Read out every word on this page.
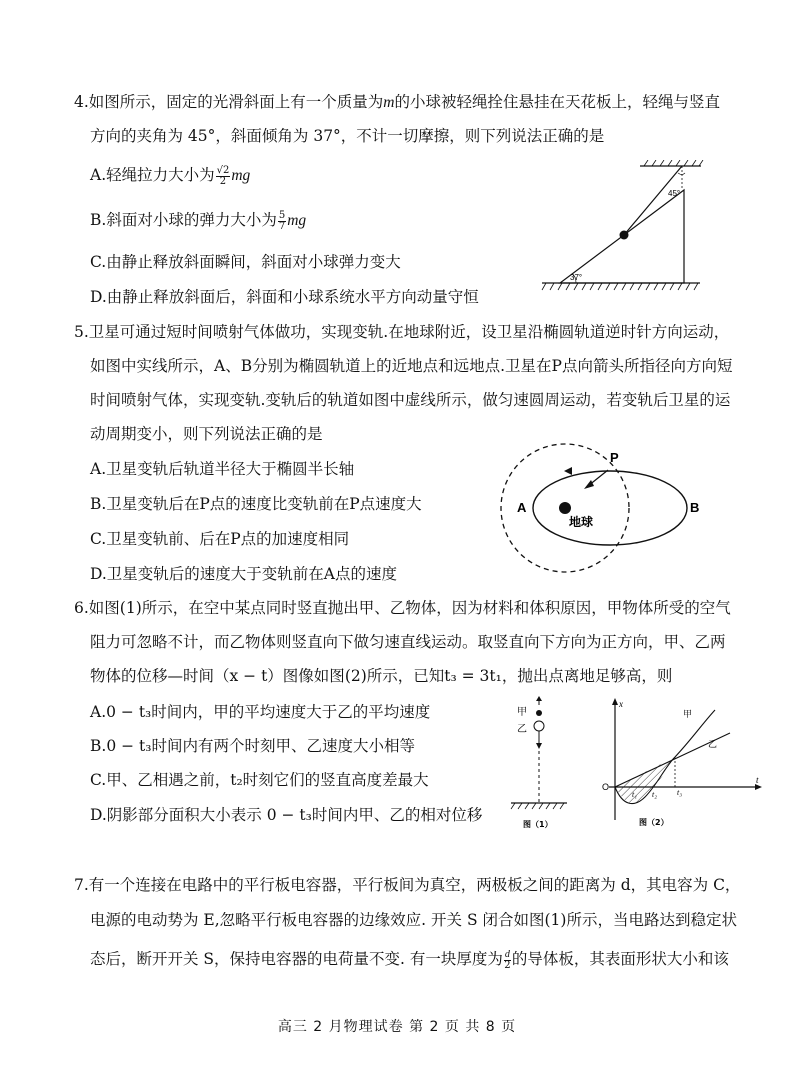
4.如图所示，固定的光滑斜面上有一个质量为m的小球被轻绳拴住悬挂在天花板上，轻绳与竖直
方向的夹角为 45°，斜面倾角为 37°，不计一切摩擦，则下列说法正确的是
A.轻绳拉力大小为 $\frac{√2}{2}$ mg
B.斜面对小球的弹力大小为 $\frac{5}{7}$ mg
C.由静止释放斜面瞬间，斜面对小球弹力变大
D.由静止释放斜面后，斜面和小球系统水平方向动量守恒
45°
37°
5.卫星可通过短时间喷射气体做功，实现变轨.在地球附近，设卫星沿椭圆轨道逆时针方向运动，
如图中实线所示，A、B分别为椭圆轨道上的近地点和远地点.卫星在P点向箭头所指径向方向短
时间喷射气体，实现变轨.变轨后的轨道如图中虚线所示，做匀速圆周运动，若变轨后卫星的运
动周期变小，则下列说法正确的是
A.卫星变轨后轨道半径大于椭圆半长轴
B.卫星变轨后在P点的速度比变轨前在P点速度大
C.卫星变轨前、后在P点的加速度相同
D.卫星变轨后的速度大于变轨前在A点的速度
P
A	B
地球
6.如图(1)所示，在空中某点同时竖直抛出甲、乙物体，因为材料和体积原因，甲物体所受的空气
阻力可忽略不计，而乙物体则竖直向下做匀速直线运动。取竖直向下方向为正方向，甲、乙两
物体的位移—时间（x − t）图像如图(2)所示，已知t₃ = 3t₁，抛出点离地足够高，则
A.0 − t₃时间内，甲的平均速度大于乙的平均速度
B.0 − t₃时间内有两个时刻甲、乙速度大小相等
C.甲、乙相遇之前，t₂时刻它们的竖直高度差最大
D.阴影部分面积大小表示 0 − t₃时间内甲、乙的相对位移
甲
乙
图（1）
x
t
O
t₁ t₂ t₃
甲
乙
图（2）
7.有一个连接在电路中的平行板电容器，平行板间为真空，两极板之间的距离为 d，其电容为 C，
电源的电动势为 E,忽略平行板电容器的边缘效应. 开关 S 闭合如图(1)所示，当电路达到稳定状
态后，断开开关 S，保持电容器的电荷量不变. 有一块厚度为 $\frac{d}{2}$ 的导体板，其表面形状大小和该
高三 2 月物理试卷 第 2 页 共 8 页
